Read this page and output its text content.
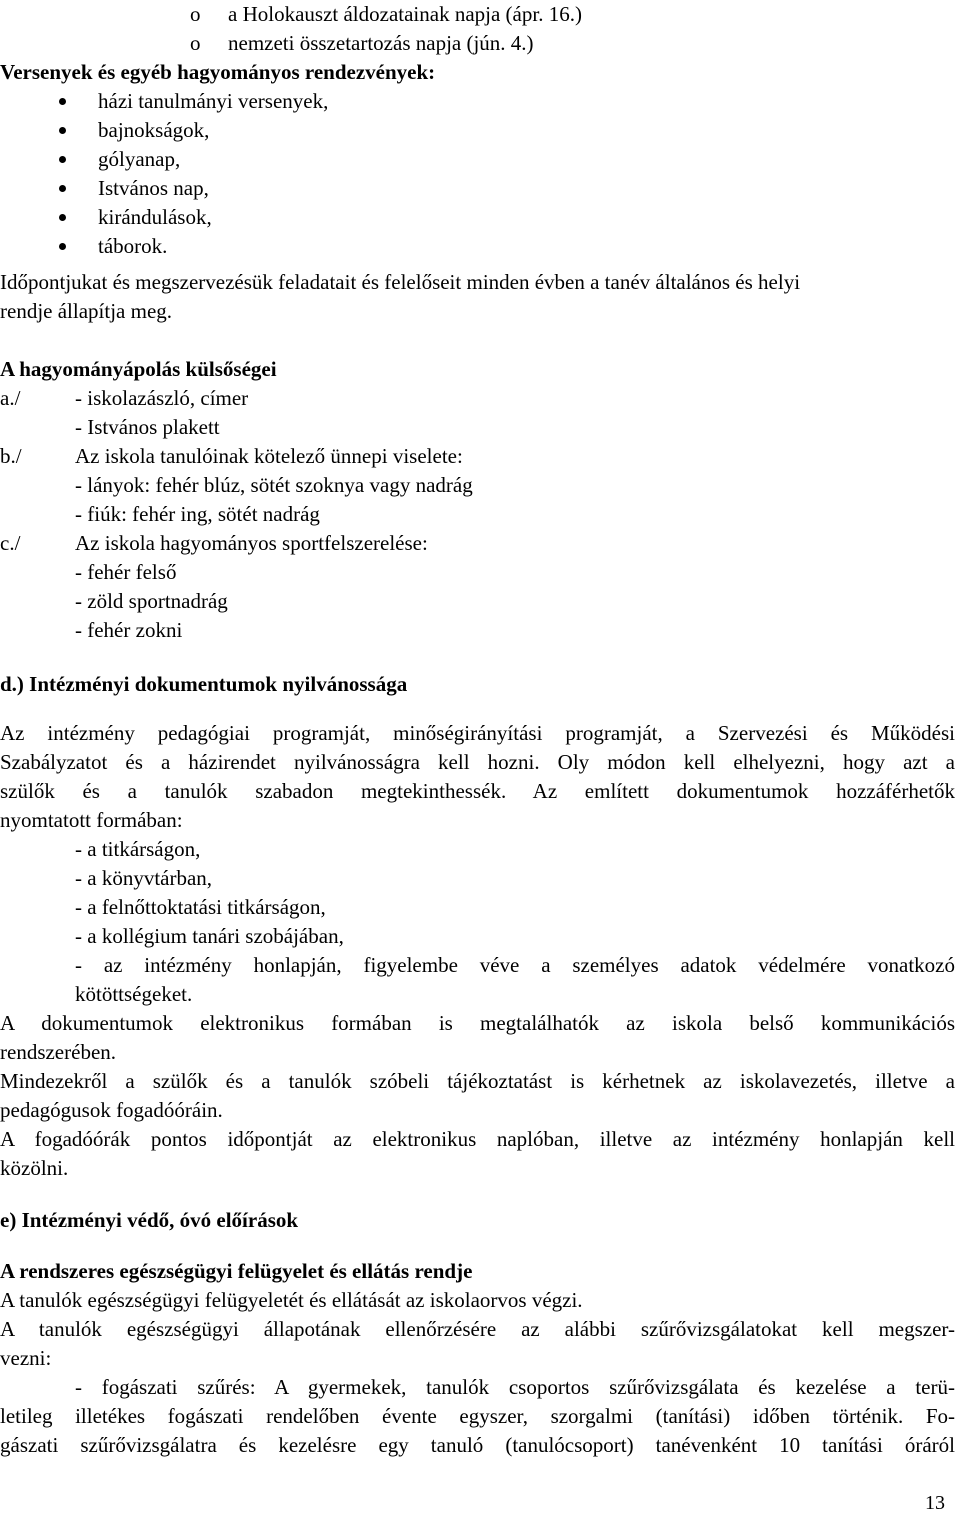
o a Holokauszt áldozatainak napja (ápr. 16.)
o nemzeti összetartozás napja (jún. 4.)
Versenyek és egyéb hagyományos rendezvények:
házi tanulmányi versenyek,
bajnokságok,
gólyanap,
Istvános nap,
kirándulások,
táborok.
Időpontjukat és megszervezésük feladatait és felelőseit minden évben a tanév általános és helyi
rendje állapítja meg.
A hagyományápolás külsőségei
a./	- iskolazászló, címer
- Istvános plakett
b./	Az iskola tanulóinak kötelező ünnepi viselete:
- lányok: fehér blúz, sötét szoknya vagy nadrág
- fiúk: fehér ing, sötét nadrág
c./	Az iskola hagyományos sportfelszerelése:
- fehér felső
- zöld sportnadrág
- fehér zokni
d.) Intézményi dokumentumok nyilvánossága
Az intézmény pedagógiai programját, minőségirányítási programját, a Szervezési és Működési
Szabályzatot és a házirendet nyilvánosságra kell hozni. Oly módon kell elhelyezni, hogy azt a
szülők és a tanulók szabadon megtekinthessék. Az említett dokumentumok hozzáférhetők
nyomtatott formában:
- a titkárságon,
- a könyvtárban,
- a felnőttoktatási titkárságon,
- a kollégium tanári szobájában,
- az intézmény honlapján, figyelembe véve a személyes adatok védelmére vonatkozó
kötöttségeket.
A dokumentumok elektronikus formában is megtalálhatók az iskola belső kommunikációs
rendszerében.
Mindezekről a szülők és a tanulók szóbeli tájékoztatást is kérhetnek az iskolavezetés, illetve a
pedagógusok fogadóóráin.
A fogadóórák pontos időpontját az elektronikus naplóban, illetve az intézmény honlapján kell
közölni.
e) Intézményi védő, óvó előírások
A rendszeres egészségügyi felügyelet és ellátás rendje
A tanulók egészségügyi felügyeletét és ellátását az iskolaorvos végzi.
A tanulók egészségügyi állapotának ellenőrzésére az alábbi szűrővizsgálatokat kell megszer-
vezni:
- fogászati szűrés: A gyermekek, tanulók csoportos szűrővizsgálata és kezelése a terü-
letileg illetékes fogászati rendelőben évente egyszer, szorgalmi (tanítási) időben történik. Fo-
gászati szűrővizsgálatra és kezelésre egy tanuló (tanulócsoport) tanévenként 10 tanítási óráról
13
